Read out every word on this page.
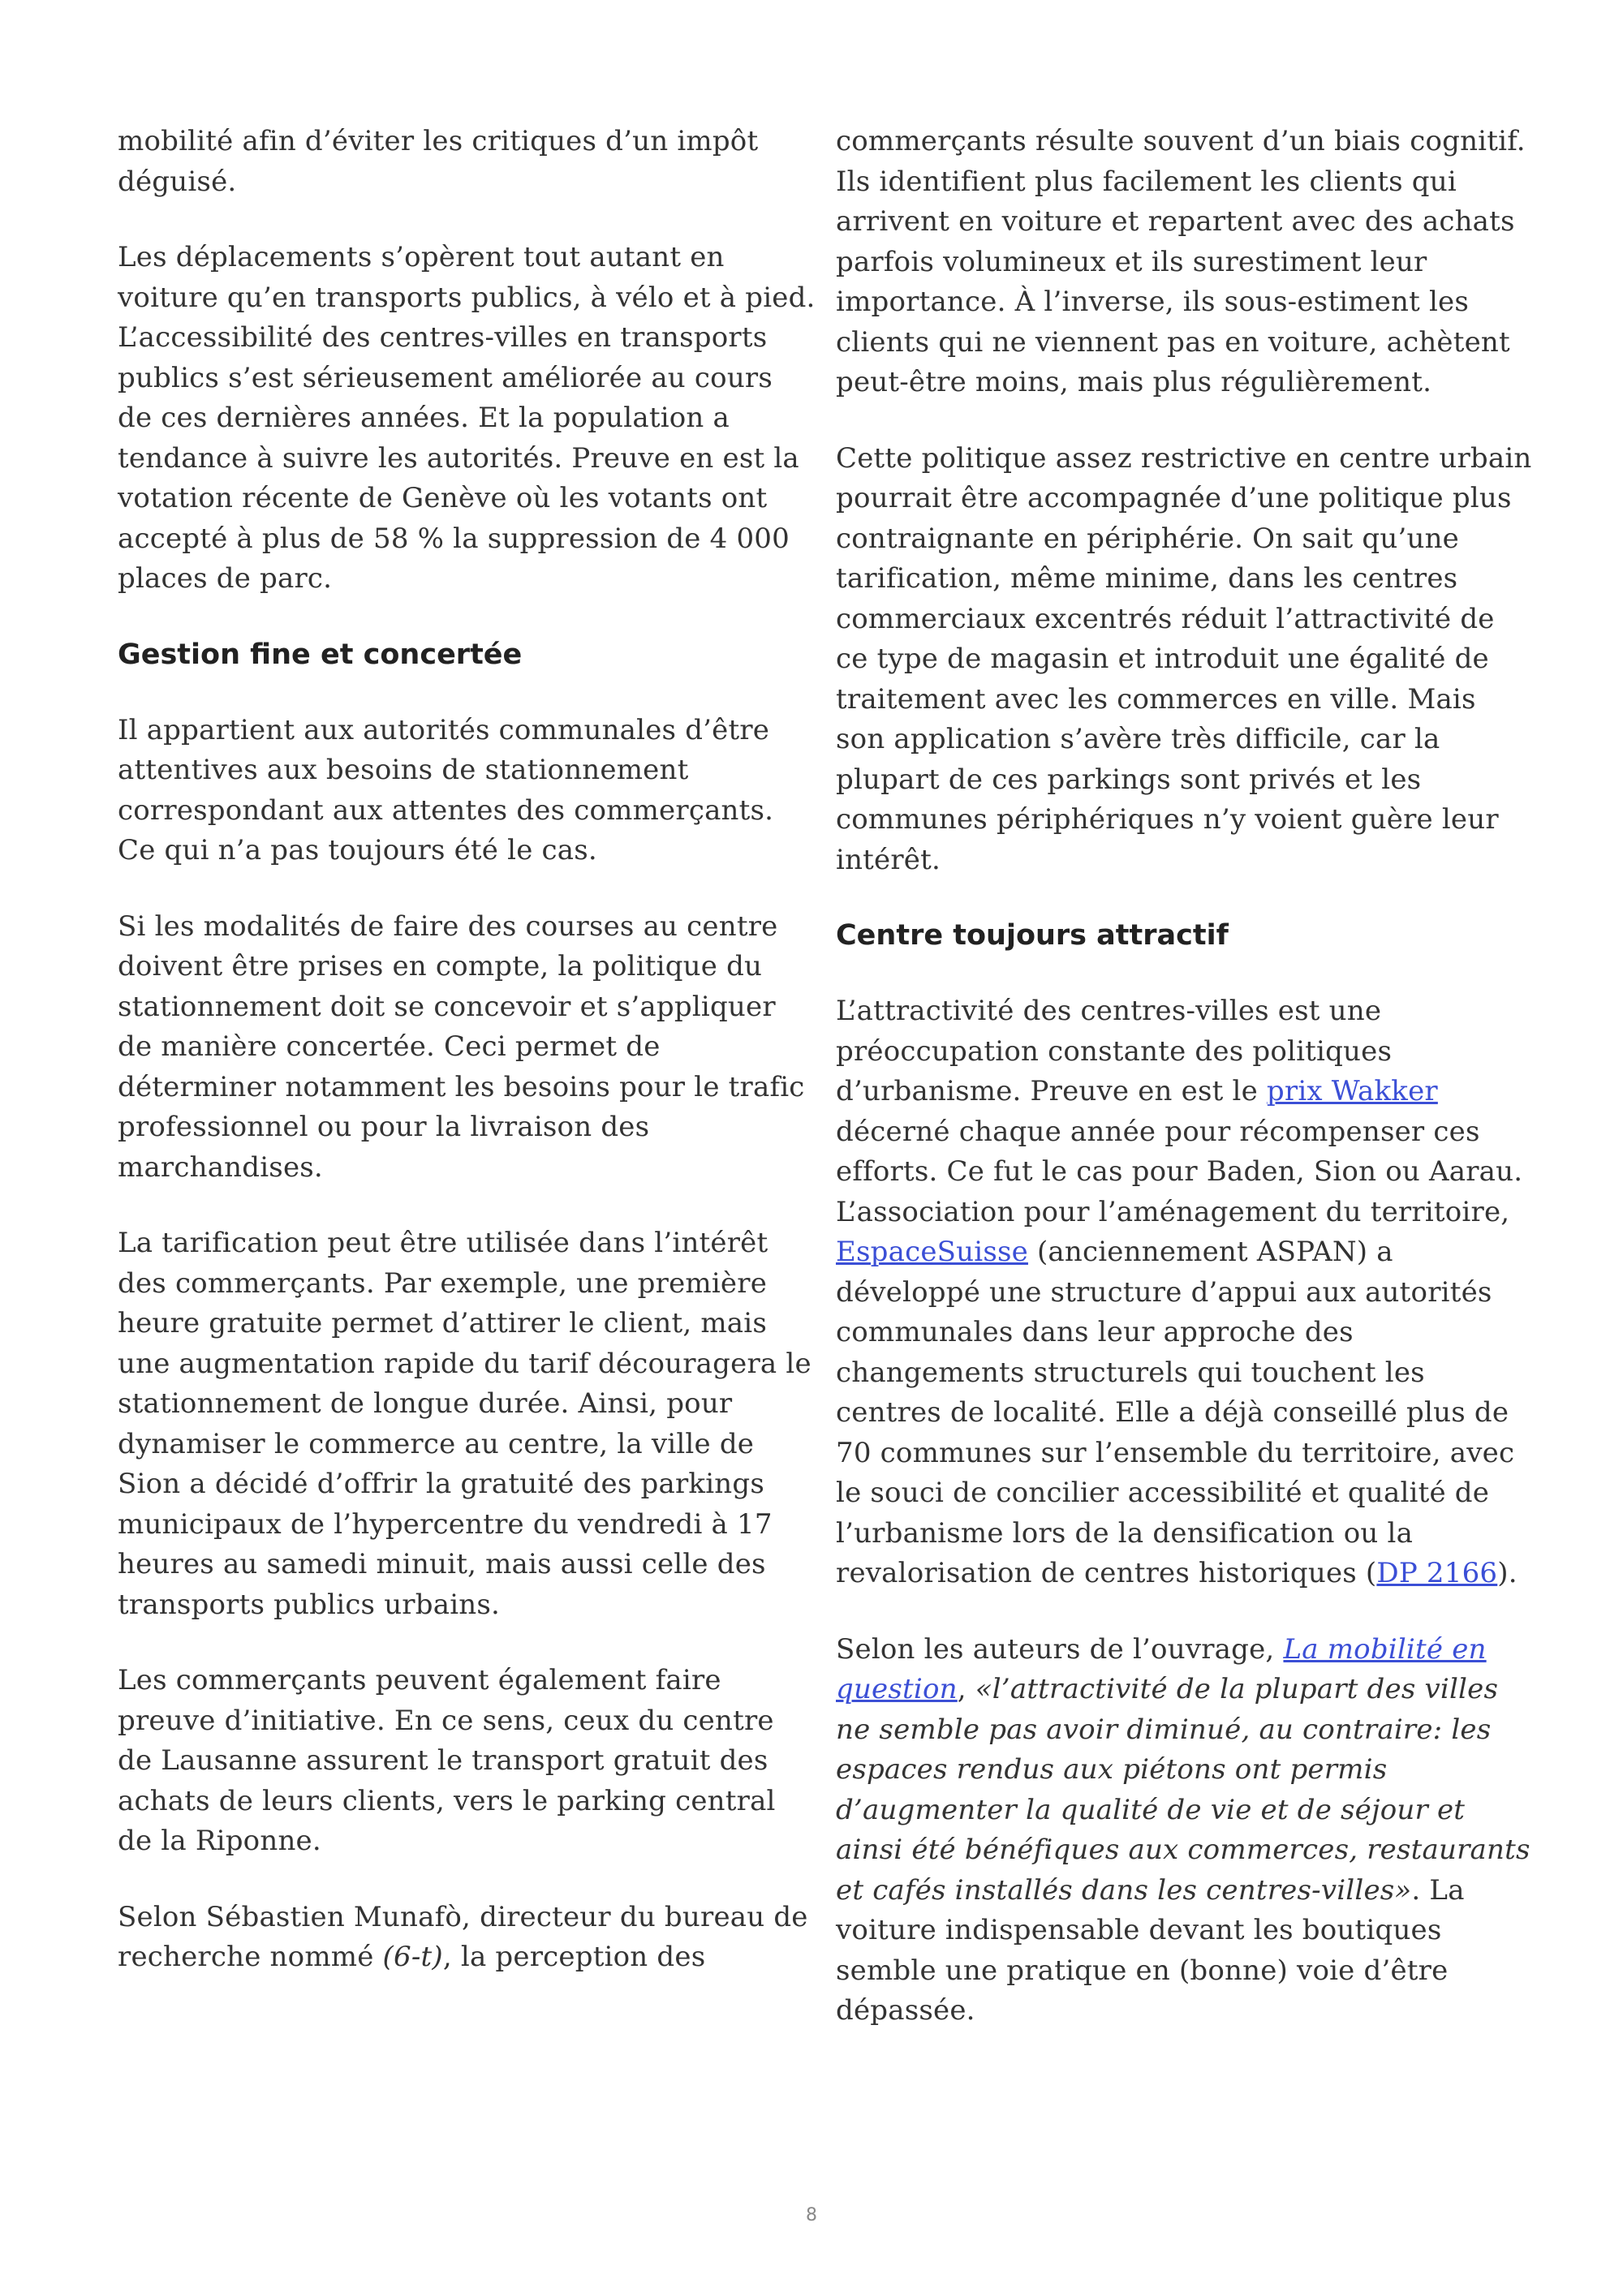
mobilité afin d’éviter les critiques d’un impôt déguisé.

Les déplacements s’opèrent tout autant en voiture qu’en transports publics, à vélo et à pied. L’accessibilité des centres-villes en transports publics s’est sérieusement améliorée au cours de ces dernières années. Et la population a tendance à suivre les autorités. Preuve en est la votation récente de Genève où les votants ont accepté à plus de 58 % la suppression de 4 000 places de parc.

Gestion fine et concertée

Il appartient aux autorités communales d’être attentives aux besoins de stationnement correspondant aux attentes des commerçants. Ce qui n’a pas toujours été le cas.

Si les modalités de faire des courses au centre doivent être prises en compte, la politique du stationnement doit se concevoir et s’appliquer de manière concertée. Ceci permet de déterminer notamment les besoins pour le trafic professionnel ou pour la livraison des marchandises.

La tarification peut être utilisée dans l’intérêt des commerçants. Par exemple, une première heure gratuite permet d’attirer le client, mais une augmentation rapide du tarif découragera le stationnement de longue durée. Ainsi, pour dynamiser le commerce au centre, la ville de Sion a décidé d’offrir la gratuité des parkings municipaux de l’hypercentre du vendredi à 17 heures au samedi minuit, mais aussi celle des transports publics urbains.

Les commerçants peuvent également faire preuve d’initiative. En ce sens, ceux du centre de Lausanne assurent le transport gratuit des achats de leurs clients, vers le parking central de la Riponne.

Selon Sébastien Munafò, directeur du bureau de recherche nommé (6-t), la perception des

commerçants résulte souvent d’un biais cognitif. Ils identifient plus facilement les clients qui arrivent en voiture et repartent avec des achats parfois volumineux et ils surestiment leur importance. À l’inverse, ils sous-estiment les clients qui ne viennent pas en voiture, achètent peut-être moins, mais plus régulièrement.

Cette politique assez restrictive en centre urbain pourrait être accompagnée d’une politique plus contraignante en périphérie. On sait qu’une tarification, même minime, dans les centres commerciaux excentrés réduit l’attractivité de ce type de magasin et introduit une égalité de traitement avec les commerces en ville. Mais son application s’avère très difficile, car la plupart de ces parkings sont privés et les communes périphériques n’y voient guère leur intérêt.

Centre toujours attractif

L’attractivité des centres-villes est une préoccupation constante des politiques d’urbanisme. Preuve en est le prix Wakker décerné chaque année pour récompenser ces efforts. Ce fut le cas pour Baden, Sion ou Aarau. L’association pour l’aménagement du territoire, EspaceSuisse (anciennement ASPAN) a développé une structure d’appui aux autorités communales dans leur approche des changements structurels qui touchent les centres de localité. Elle a déjà conseillé plus de 70 communes sur l’ensemble du territoire, avec le souci de concilier accessibilité et qualité de l’urbanisme lors de la densification ou la revalorisation de centres historiques (DP 2166).

Selon les auteurs de l’ouvrage, La mobilité en question, «l’attractivité de la plupart des villes ne semble pas avoir diminué, au contraire: les espaces rendus aux piétons ont permis d’augmenter la qualité de vie et de séjour et ainsi été bénéfiques aux commerces, restaurants et cafés installés dans les centres-villes». La voiture indispensable devant les boutiques semble une pratique en (bonne) voie d’être dépassée.

8
